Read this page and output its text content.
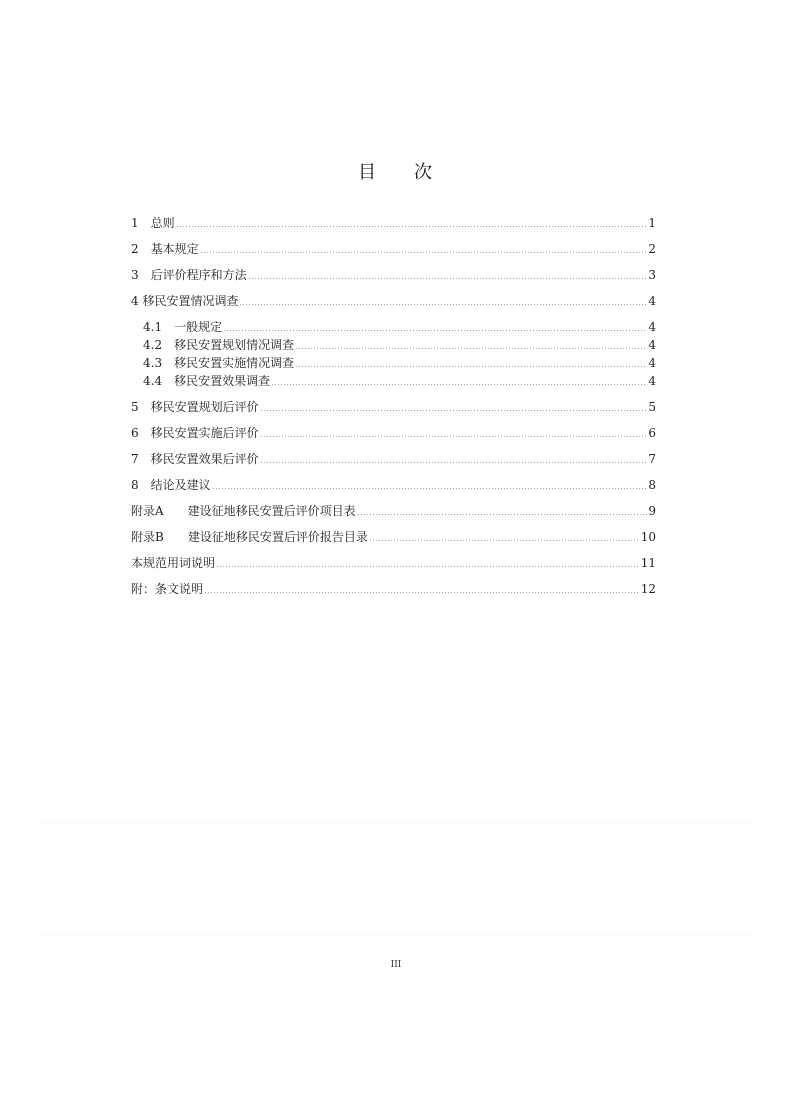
目 次
1　 总则	1
2　 基本规定	2
3　 后评价程序和方法	3
4 移民安置情况调查	4
4.1　 一般规定	4
4.2　 移民安置规划情况调查	4
4.3　 移民安置实施情况调查	4
4.4　 移民安置效果调查	4
5　 移民安置规划后评价	5
6　 移民安置实施后评价	6
7　 移民安置效果后评价	7
8　 结论及建议	8
附录A　　 建设征地移民安置后评价项目表	9
附录B　　 建设征地移民安置后评价报告目录	10
本规范用词说明	11
附：条文说明	12
III
